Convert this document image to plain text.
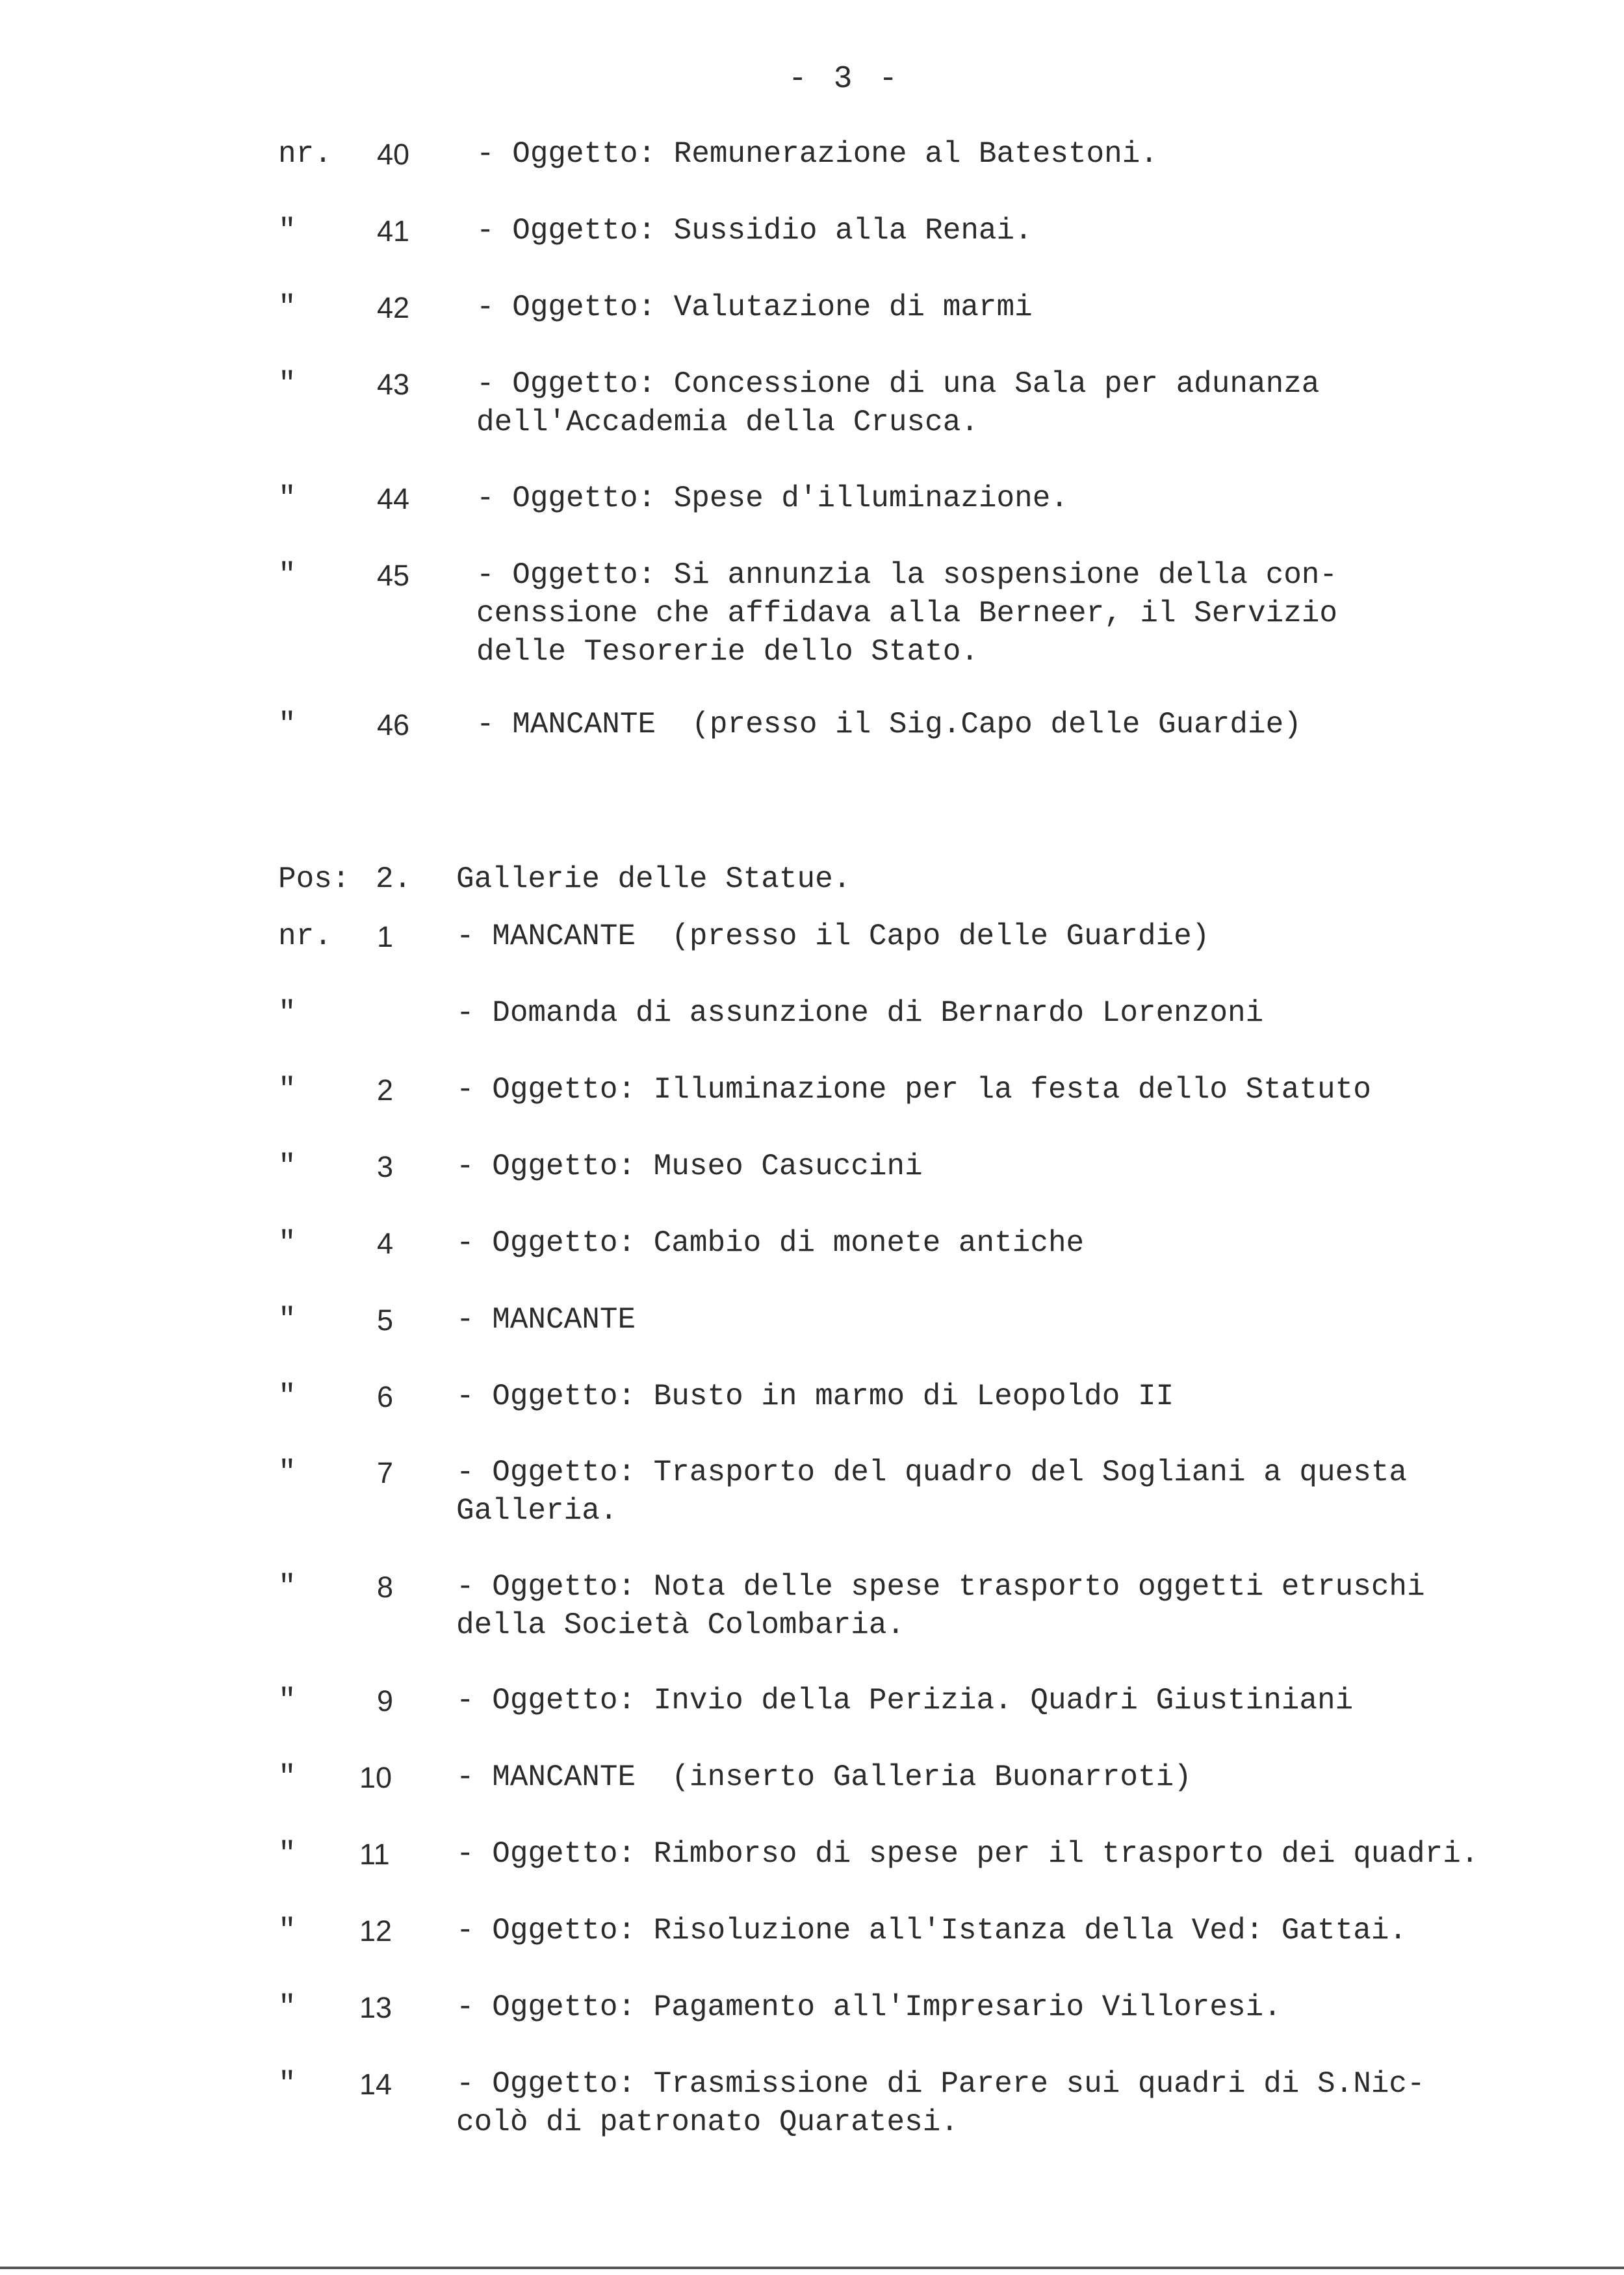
- 3 -
nr. 40 - Oggetto: Remunerazione al Batestoni.
"	41 - Oggetto: Sussidio alla Renai.
"	42 - Oggetto: Valutazione di marmi
"	43 - Oggetto: Concessione di una Sala per adunanza
dell'Accademia della Crusca.
"	44 - Oggetto: Spese d'illuminazione.
"	45 - Oggetto: Si annunzia la sospensione della con-
censsione che affidava alla Berneer, il Servizio
delle Tesorerie dello Stato.
"	46 - MANCANTE  (presso il Sig.Capo delle Guardie)
Pos: 2. Gallerie delle Statue.
nr. 1 - MANCANTE  (presso il Capo delle Guardie)
"	- Domanda di assunzione di Bernardo Lorenzoni
"	2 - Oggetto: Illuminazione per la festa dello Statuto
"	3 - Oggetto: Museo Casuccini
"	4 - Oggetto: Cambio di monete antiche
"	5 - MANCANTE
"	6 - Oggetto: Busto in marmo di Leopoldo II
"	7 - Oggetto: Trasporto del quadro del Sogliani a questa
Galleria.
"	8 - Oggetto: Nota delle spese trasporto oggetti etruschi
della Società Colombaria.
"	9 - Oggetto: Invio della Perizia. Quadri Giustiniani
" 10 - MANCANTE  (inserto Galleria Buonarroti)
" 11 - Oggetto: Rimborso di spese per il trasporto dei quadri.
" 12 - Oggetto: Risoluzione all'Istanza della Ved: Gattai.
" 13 - Oggetto: Pagamento all'Impresario Villoresi.
" 14 - Oggetto: Trasmissione di Parere sui quadri di S.Nic-
colò di patronato Quaratesi.
